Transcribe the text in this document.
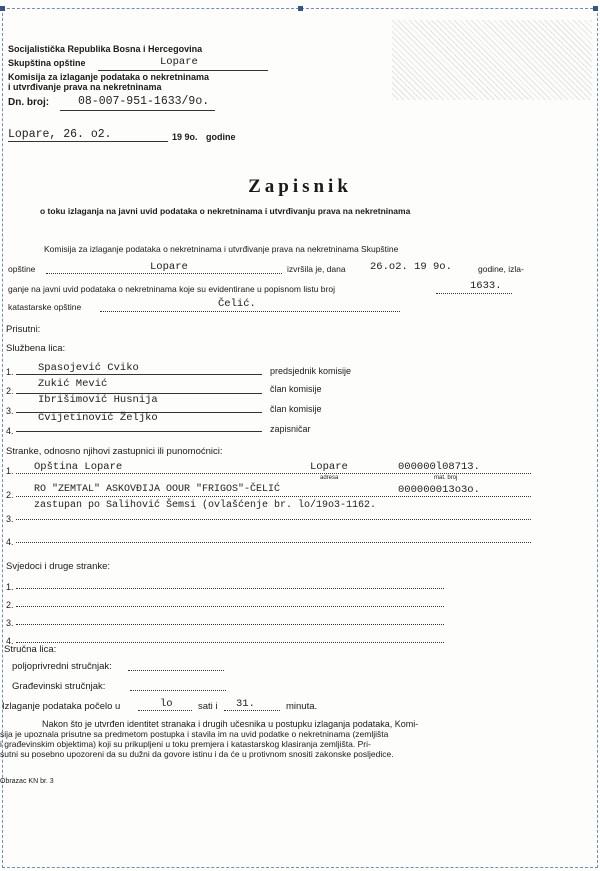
Socijalistička Republika Bosna i Hercegovina
Skupština opštine	Lopare
Komisija za izlaganje podataka o nekretninama
i utvrđivanje prava na nekretninama
Dn. broj:	08-007-951-1633/9o.
Lopare, 26. o2.	19 9o. godine
Zapisnik
o toku izlaganja na javni uvid podataka o nekretninama i utvrđivanju prava na nekretninama
Komisija za izlaganje podataka o nekretninama i utvrđivanje prava na nekretninama Skupštine
opštine	Lopare	izvršila je, dana 26.o2. 19 9o.	godine, izla-
ganje na javni uvid podataka o nekretninama koje su evidentirane u popisnom listu broj	1633.
katastarske opštine	Čelić.
Prisutni:
Službena lica:
1. Spasojević Cviko	predsjednik komisije
2.
Zukić Mević	član komisije
3.
Ibrišimović Husnija
član komisije
4.
Cvijetinović Željko
zapisničar
Stranke, odnosno njihovi zastupnici ili punomoćnici:
1. Opština Lopare	Lopare	000000l08713.
adresa	mat. broj
2. RO "ZEMTAL" ASKOVĐIJA OOUR "FRIGOS"-ČELIĆ	000000013o3o.
3.
zastupan po Salihović Šemsi (ovlašćenje br. lo/19o3-1162.
4.
Svjedoci i druge stranke:
1.
2.
3.
4.
Stručna lica:
poljoprivredni stručnjak:
Građevinski stručnjak:
Izlaganje podataka počelo u	lo	sati i 31.	minuta.
Nakon što je utvrđen identitet stranaka i drugih učesnika u postupku izlaganja podataka, Komi-
sija je upoznala prisutne sa predmetom postupka i stavila im na uvid podatke o nekretninama (zemljišta
i građevinskim objektima) koji su prikupljeni u toku premjera i katastarskog klasiranja zemljišta. Pri-
sutni su posebno upozoreni da su dužni da govore istinu i da će u protivnom snositi zakonske posljedice.
Obrazac KN br. 3
